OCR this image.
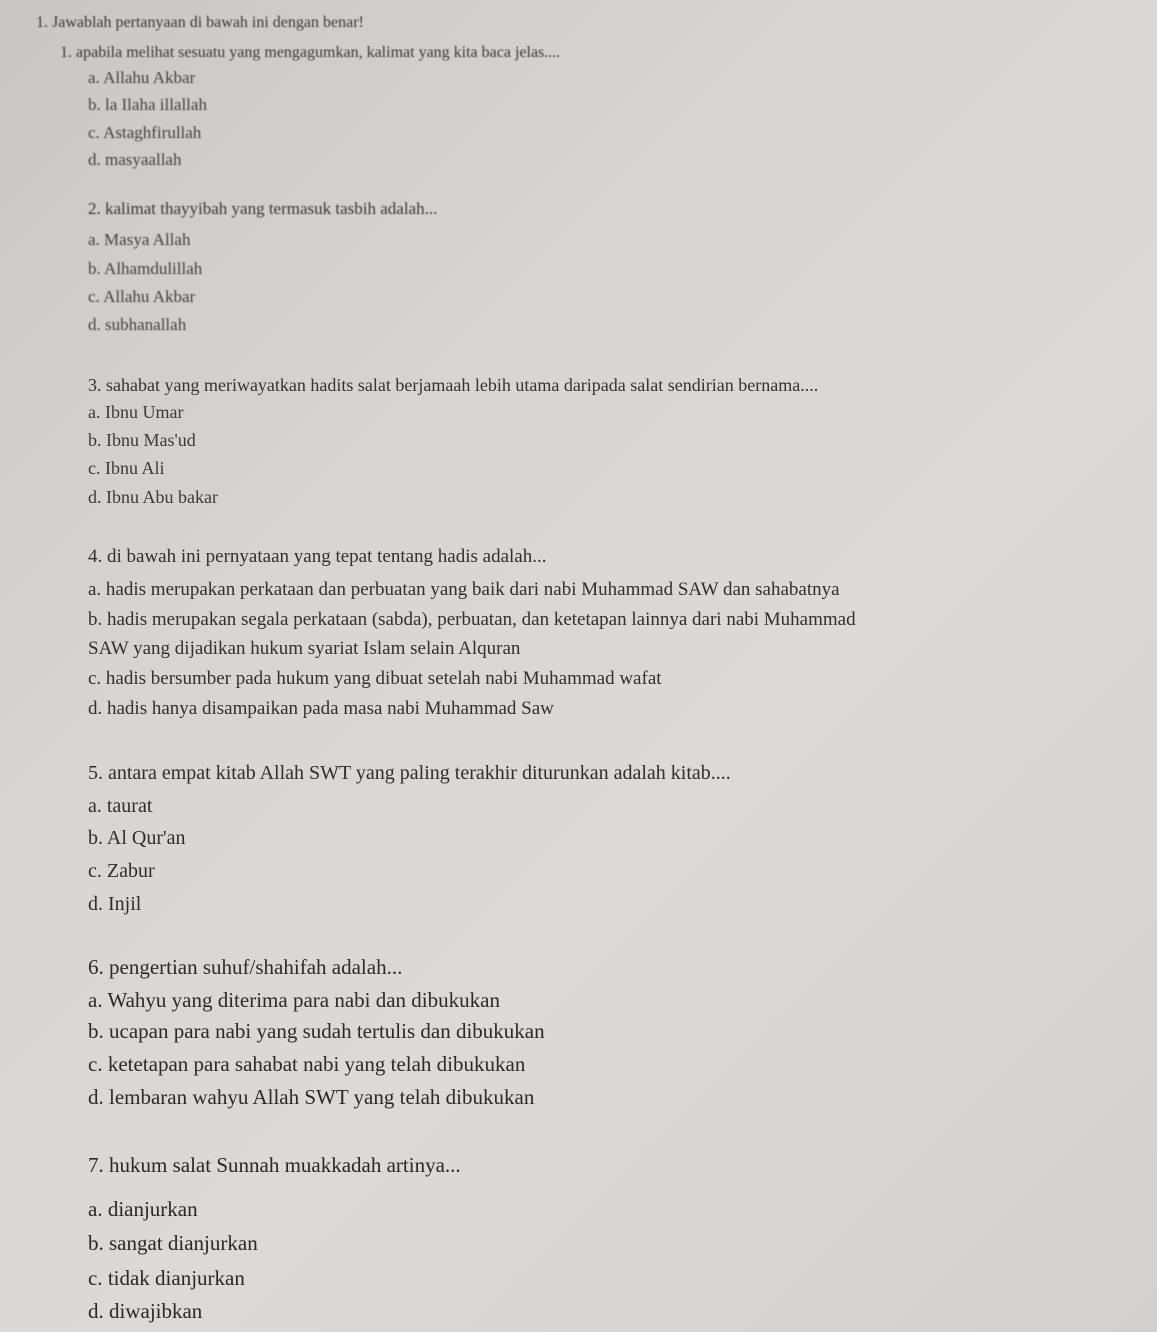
1. Jawablah pertanyaan di bawah ini dengan benar!
1. apabila melihat sesuatu yang mengagumkan, kalimat yang kita baca jelas....
a. Allahu Akbar
b. la Ilaha illallah
c. Astaghfirullah
d. masyaallah
2. kalimat thayyibah yang termasuk tasbih adalah...
a. Masya Allah
b. Alhamdulillah
c. Allahu Akbar
d. subhanallah
3. sahabat yang meriwayatkan hadits salat berjamaah lebih utama daripada salat sendirian bernama....
a. Ibnu Umar
b. Ibnu Mas'ud
c. Ibnu Ali
d. Ibnu Abu bakar
4. di bawah ini pernyataan yang tepat tentang hadis adalah...
a. hadis merupakan perkataan dan perbuatan yang baik dari nabi Muhammad SAW dan sahabatnya
b. hadis merupakan segala perkataan (sabda), perbuatan, dan ketetapan lainnya dari nabi Muhammad
SAW yang dijadikan hukum syariat Islam selain Alquran
c. hadis bersumber pada hukum yang dibuat setelah nabi Muhammad wafat
d. hadis hanya disampaikan pada masa nabi Muhammad Saw
5. antara empat kitab Allah SWT yang paling terakhir diturunkan adalah kitab....
a. taurat
b. Al Qur'an
c. Zabur
d. Injil
6. pengertian suhuf/shahifah adalah...
a. Wahyu yang diterima para nabi dan dibukukan
b. ucapan para nabi yang sudah tertulis dan dibukukan
c. ketetapan para sahabat nabi yang telah dibukukan
d. lembaran wahyu Allah SWT yang telah dibukukan
7. hukum salat Sunnah muakkadah artinya...
a. dianjurkan
b. sangat dianjurkan
c. tidak dianjurkan
d. diwajibkan
